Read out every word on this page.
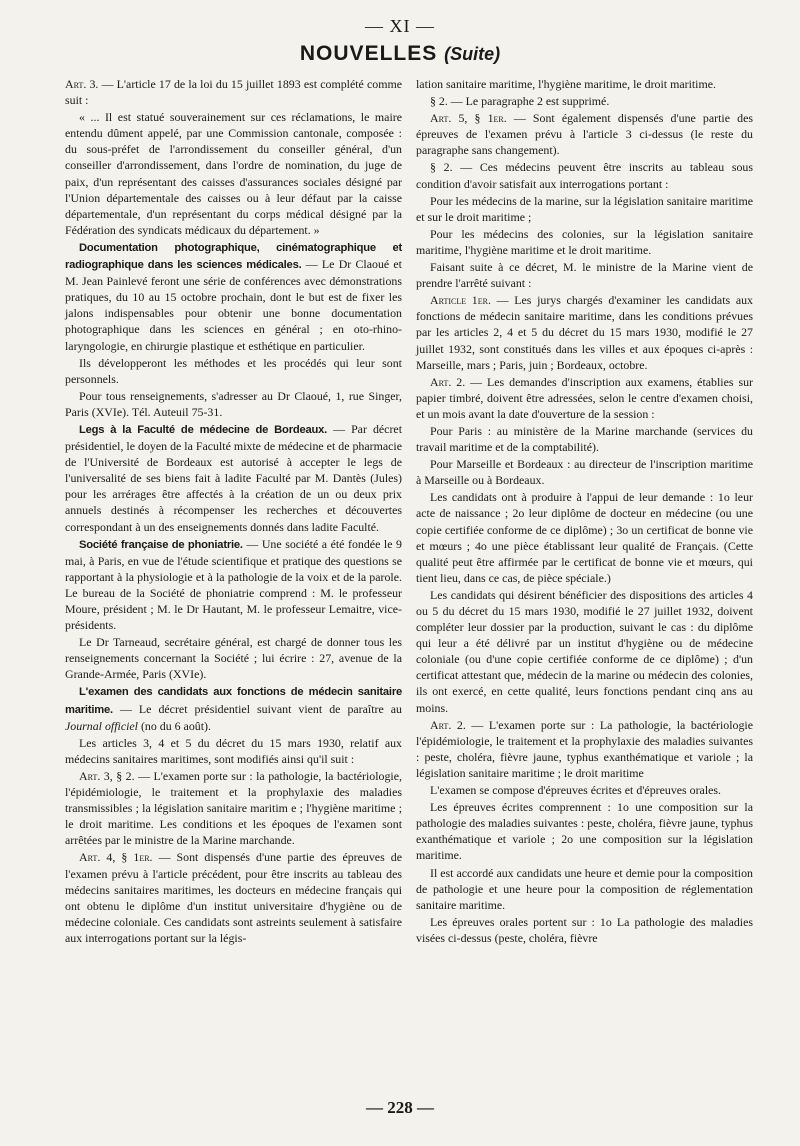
— XI —
NOUVELLES (Suite)

Art. 3. — L'article 17 de la loi du 15 juillet 1893 est complété comme suit :

« ... Il est statué souverainement sur ces réclamations, le maire entendu dûment appelé, par une Commission cantonale, composée : du sous-préfet de l'arrondissement du conseiller général, d'un conseiller d'arrondissement, dans l'ordre de nomination, du juge de paix, d'un représentant des caisses d'assurances sociales désigné par l'Union départementale des caisses ou à leur défaut par la caisse départementale, d'un représentant du corps médical désigné par la Fédération des syndicats médicaux du département. »

Documentation photographique, cinématographique et radiographique dans les sciences médicales. — Le Dr Claoué et M. Jean Painlevé feront une série de conférences avec démonstrations pratiques, du 10 au 15 octobre prochain, dont le but est de fixer les jalons indispensables pour obtenir une bonne documentation photographique dans les sciences en général ; en oto-rhino-laryngologie, en chirurgie plastique et esthétique en particulier.

Ils développeront les méthodes et les procédés qui leur sont personnels.

Pour tous renseignements, s'adresser au Dr Claoué, 1, rue Singer, Paris (XVIe). Tél. Auteuil 75-31.

Legs à la Faculté de médecine de Bordeaux. — Par décret présidentiel, le doyen de la Faculté mixte de médecine et de pharmacie de l'Université de Bordeaux est autorisé à accepter le legs de l'universalité de ses biens fait à ladite Faculté par M. Dantès (Jules) pour les arrérages être affectés à la création de un ou deux prix annuels destinés à récompenser les recherches et découvertes correspondant à un des enseignements donnés dans ladite Faculté.

Société française de phoniatrie. — Une société a été fondée le 9 mai, à Paris, en vue de l'étude scientifique et pratique des questions se rapportant à la physiologie et à la pathologie de la voix et de la parole. Le bureau de la Société de phoniatrie comprend : M. le professeur Moure, président ; M. le Dr Hautant, M. le professeur Lemaitre, vice-présidents.

Le Dr Tarneaud, secrétaire général, est chargé de donner tous les renseignements concernant la Société ; lui écrire : 27, avenue de la Grande-Armée, Paris (XVIe).

L'examen des candidats aux fonctions de médecin sanitaire maritime. — Le décret présidentiel suivant vient de paraître au Journal officiel (no du 6 août).

Les articles 3, 4 et 5 du décret du 15 mars 1930, relatif aux médecins sanitaires maritimes, sont modifiés ainsi qu'il suit :

Art. 3, § 2. — L'examen porte sur : la pathologie, la bactériologie, l'épidémiologie, le traitement et la prophylaxie des maladies transmissibles ; la législation sanitaire maritim e ; l'hygiène maritime ; le droit maritime. Les conditions et les époques de l'examen sont arrêtées par le ministre de la Marine marchande.

Art. 4, § 1er. — Sont dispensés d'une partie des épreuves de l'examen prévu à l'article précédent, pour être inscrits au tableau des médecins sanitaires maritimes, les docteurs en médecine français qui ont obtenu le diplôme d'un institut universitaire d'hygiène ou de médecine coloniale. Ces candidats sont astreints seulement à satisfaire aux interrogations portant sur la légis-

lation sanitaire maritime, l'hygiène maritime, le droit maritime.

§ 2. — Le paragraphe 2 est supprimé.

Art. 5, § 1er. — Sont également dispensés d'une partie des épreuves de l'examen prévu à l'article 3 ci-dessus (le reste du paragraphe sans changement).

§ 2. — Ces médecins peuvent être inscrits au tableau sous condition d'avoir satisfait aux interrogations portant :

Pour les médecins de la marine, sur la législation sanitaire maritime et sur le droit maritime ;

Pour les médecins des colonies, sur la législation sanitaire maritime, l'hygiène maritime et le droit maritime.

Faisant suite à ce décret, M. le ministre de la Marine vient de prendre l'arrêté suivant :

Article 1er. — Les jurys chargés d'examiner les candidats aux fonctions de médecin sanitaire maritime, dans les conditions prévues par les articles 2, 4 et 5 du décret du 15 mars 1930, modifié le 27 juillet 1932, sont constitués dans les villes et aux époques ci-après : Marseille, mars ; Paris, juin ; Bordeaux, octobre.

Art. 2. — Les demandes d'inscription aux examens, établies sur papier timbré, doivent être adressées, selon le centre d'examen choisi, et un mois avant la date d'ouverture de la session :

Pour Paris : au ministère de la Marine marchande (services du travail maritime et de la comptabilité).

Pour Marseille et Bordeaux : au directeur de l'inscription maritime à Marseille ou à Bordeaux.

Les candidats ont à produire à l'appui de leur demande : 1o leur acte de naissance ; 2o leur diplôme de docteur en médecine (ou une copie certifiée conforme de ce diplôme) ; 3o un certificat de bonne vie et mœurs ; 4o une pièce établissant leur qualité de Français. (Cette qualité peut être affirmée par le certificat de bonne vie et mœurs, qui tient lieu, dans ce cas, de pièce spéciale.)

Les candidats qui désirent bénéficier des dispositions des articles 4 ou 5 du décret du 15 mars 1930, modifié le 27 juillet 1932, doivent compléter leur dossier par la production, suivant le cas : du diplôme qui leur a été délivré par un institut d'hygiène ou de médecine coloniale (ou d'une copie certifiée conforme de ce diplôme) ; d'un certificat attestant que, médecin de la marine ou médecin des colonies, ils ont exercé, en cette qualité, leurs fonctions pendant cinq ans au moins.

Art. 2. — L'examen porte sur : La pathologie, la bactériologie l'épidémiologie, le traitement et la prophylaxie des maladies suivantes : peste, choléra, fièvre jaune, typhus exanthématique et variole ; la législation sanitaire maritime ; le droit maritime

L'examen se compose d'épreuves écrites et d'épreuves orales.

Les épreuves écrites comprennent : 1o une composition sur la pathologie des maladies suivantes : peste, choléra, fièvre jaune, typhus exanthématique et variole ; 2o une composition sur la législation maritime.

Il est accordé aux candidats une heure et demie pour la composition de pathologie et une heure pour la composition de réglementation sanitaire maritime.

Les épreuves orales portent sur : 1o La pathologie des maladies visées ci-dessus (peste, choléra, fièvre

— 228 —
